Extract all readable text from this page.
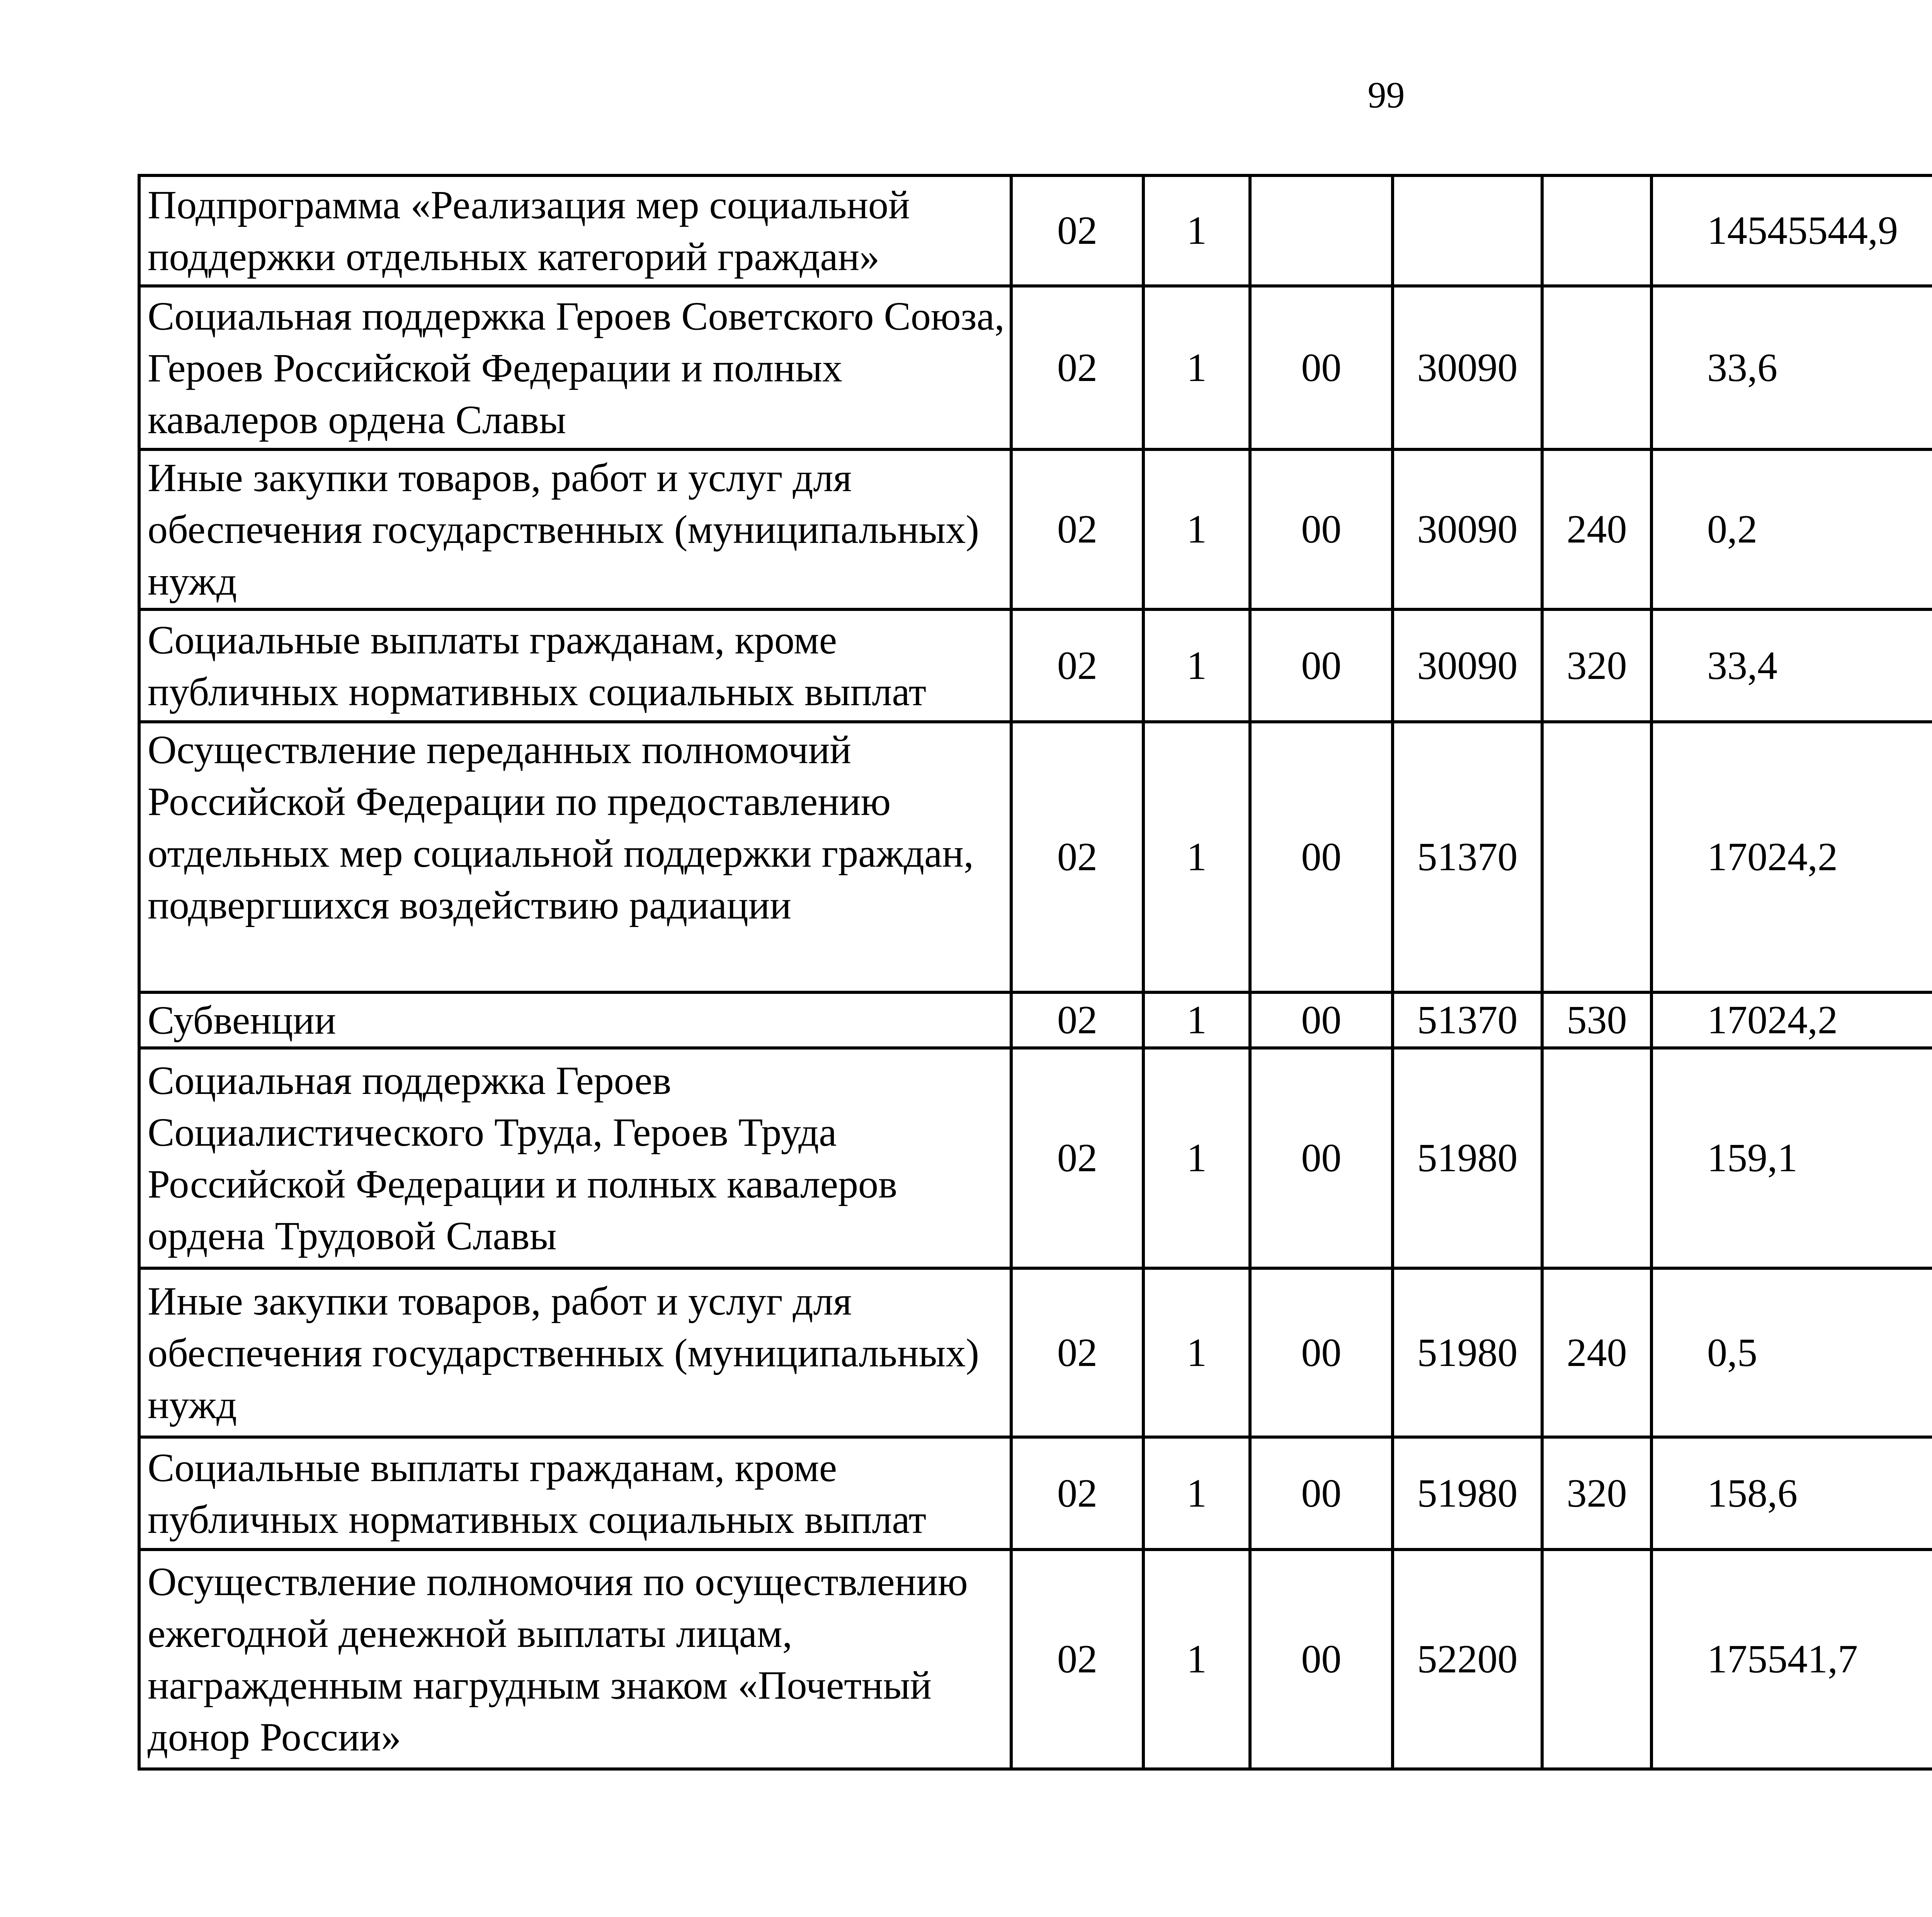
99
Подпрограмма «Реализация мер социальной поддержки отдельных категорий граждан»	02	1				14545544,9		
Социальная поддержка Героев Советского Союза, Героев Российской Федерации и полных кавалеров ордена Славы	02	1	00	30090		33,6		
Иные закупки товаров, работ и услуг для обеспечения государственных (муниципальных) нужд	02	1	00	30090	240	0,2		
Социальные выплаты гражданам, кроме публичных нормативных социальных выплат	02	1	00	30090	320	33,4		
Осуществление переданных полномочий Российской Федерации по предоставлению отдельных мер социальной поддержки граждан, подвергшихся воздействию радиации	02	1	00	51370		17024,2		
Субвенции	02	1	00	51370	530	17024,2		
Социальная поддержка Героев Социалистического Труда, Героев Труда Российской Федерации и полных кавалеров ордена Трудовой Славы	02	1	00	51980		159,1		
Иные закупки товаров, работ и услуг для обеспечения государственных (муниципальных) нужд	02	1	00	51980	240	0,5		
Социальные выплаты гражданам, кроме публичных нормативных социальных выплат	02	1	00	51980	320	158,6		
Осуществление полномочия по осуществлению ежегодной денежной выплаты лицам, награжденным нагрудным знаком «Почетный донор России»	02	1	00	52200		175541,7		
